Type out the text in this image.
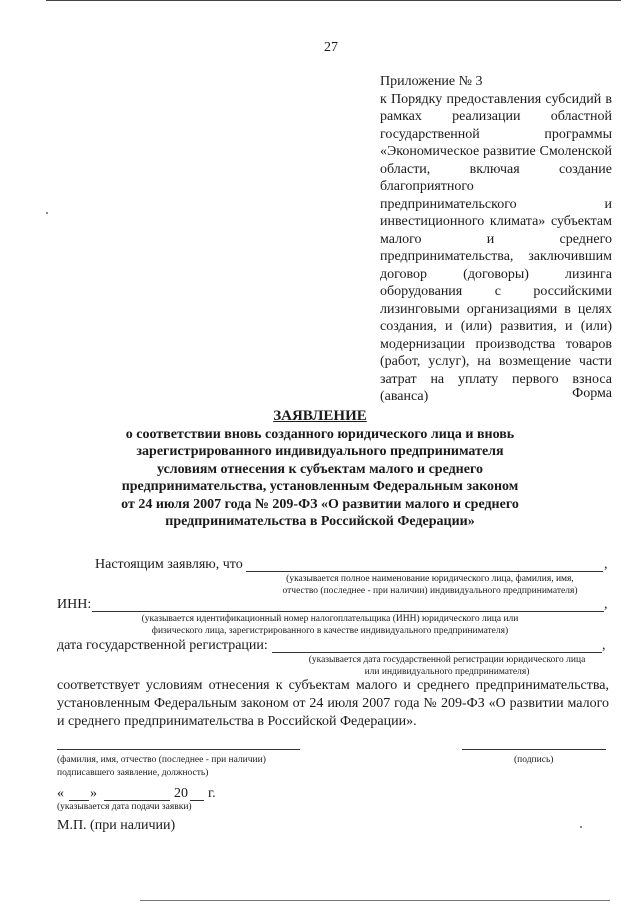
27
Приложение № 3
к Порядку предоставления субсидий в рамках реализации областной государственной программы «Экономическое развитие Смоленской области, включая создание благоприятного предпринимательского и инвестиционного климата» субъектам малого и среднего предпринимательства, заключившим договор (договоры) лизинга оборудования с российскими лизинговыми организациями в целях создания, и (или) развития, и (или) модернизации производства товаров (работ, услуг), на возмещение части затрат на уплату первого взноса (аванса)	Форма
ЗАЯВЛЕНИЕ
о соответствии вновь созданного юридического лица и вновь зарегистрированного индивидуального предпринимателя условиям отнесения к субъектам малого и среднего предпринимательства, установленным Федеральным законом от 24 июля 2007 года № 209-ФЗ «О развитии малого и среднего предпринимательства в Российской Федерации»
Настоящим заявляю, что	,
(указывается полное наименование юридического лица, фамилия, имя,
отчество (последнее - при наличии) индивидуального предпринимателя)
ИНН:	,
(указывается идентификационный номер налогоплательщика (ИНН) юридического лица или
физического лица, зарегистрированного в качестве индивидуального предпринимателя)
дата государственной регистрации:	,
(указывается дата государственной регистрации юридического лица
или индивидуального предпринимателя)
соответствует условиям отнесения к субъектам малого и среднего предпринимательства, установленным Федеральным законом от 24 июля 2007 года № 209-ФЗ «О развитии малого и среднего предпринимательства в Российской Федерации».
(фамилия, имя, отчество (последнее - при наличии)
подписавшего заявление, должность)
(подпись)
« »	20 г.
(указывается дата подачи заявки)
М.П. (при наличии)
